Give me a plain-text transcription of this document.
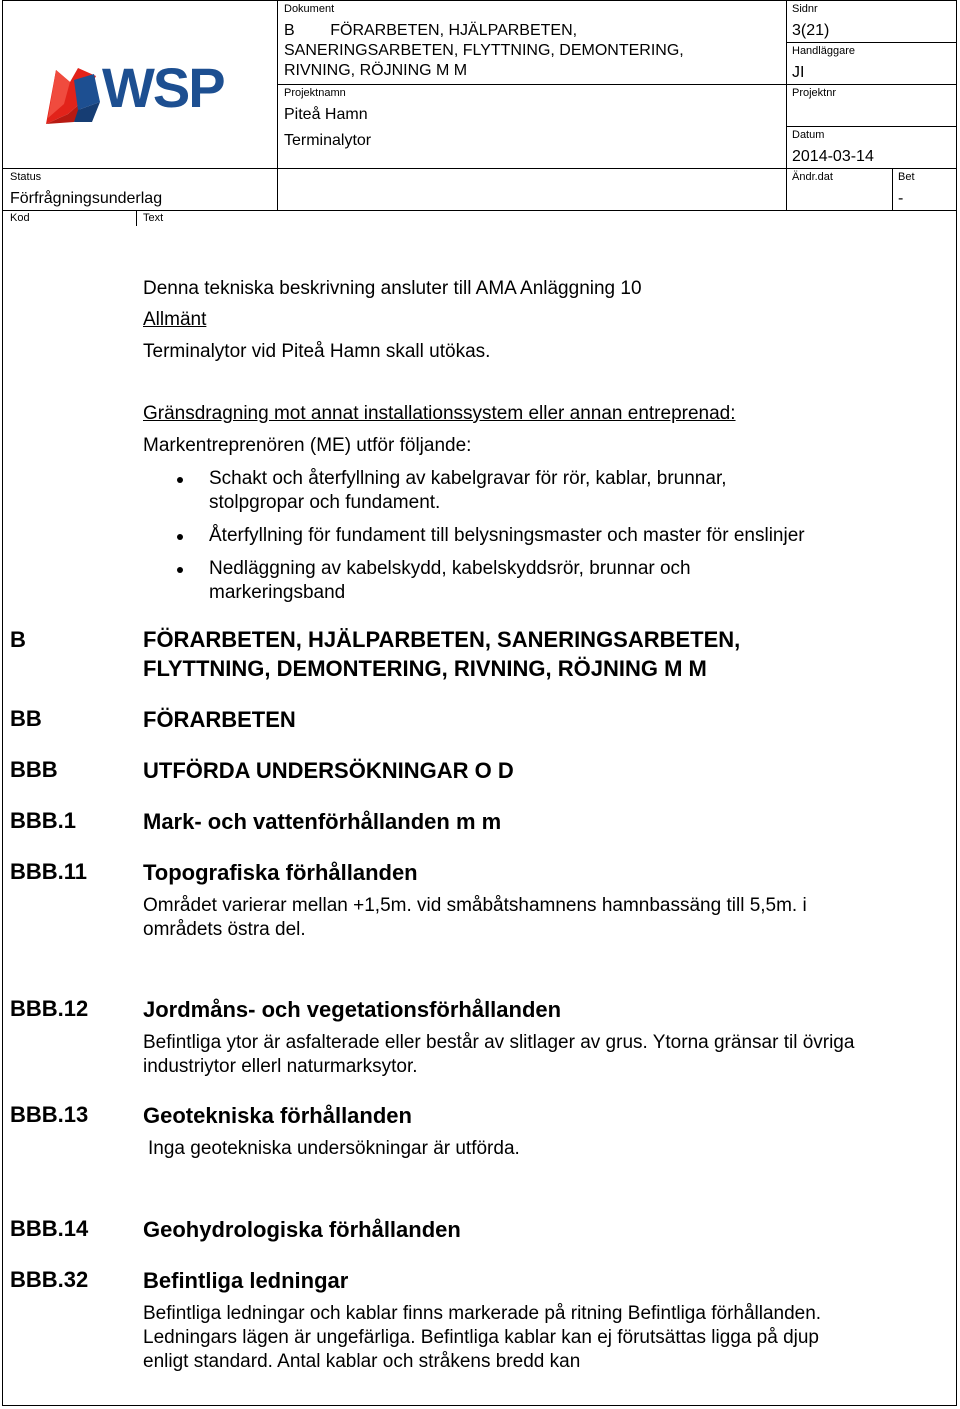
WSP
Dokument
B        FÖRARBETEN, HJÄLPARBETEN,
SANERINGSARBETEN, FLYTTNING, DEMONTERING,
RIVNING, RÖJNING M M
Sidnr
3(21)
Handläggare
JI
Projektnamn
Piteå Hamn
Terminalytor
Projektnr
Datum
2014-03-14
Status
Förfrågningsunderlag
Ändr.dat	Bet
-
Kod	Text
Denna tekniska beskrivning ansluter till AMA Anläggning 10
Allmänt
Terminalytor vid Piteå Hamn skall utökas.
Gränsdragning mot annat installationssystem eller annan entreprenad:
Markentreprenören (ME) utför följande:
Schakt och återfyllning av kabelgravar för rör, kablar, brunnar, stolpgropar och fundament.
Återfyllning för fundament till belysningsmaster och master för enslinjer
Nedläggning av kabelskydd, kabelskyddsrör, brunnar och markeringsband
B	FÖRARBETEN, HJÄLPARBETEN, SANERINGSARBETEN, FLYTTNING, DEMONTERING, RIVNING, RÖJNING M M
BB	FÖRARBETEN
BBB	UTFÖRDA UNDERSÖKNINGAR O D
BBB.1	Mark- och vattenförhållanden m m
BBB.11	Topografiska förhållanden
Området varierar mellan +1,5m. vid småbåtshamnens hamnbassäng till 5,5m. i områdets östra del.
BBB.12 Jordmåns- och vegetationsförhållanden
Befintliga ytor är asfalterade eller består av slitlager av grus. Ytorna gränsar til övriga industriytor ellerl naturmarksytor.
BBB.13 Geotekniska förhållanden
Inga geotekniska undersökningar är utförda.
BBB.14 Geohydrologiska förhållanden
BBB.32 Befintliga ledningar
Befintliga ledningar och kablar finns markerade på ritning Befintliga förhållanden. Ledningars lägen är ungefärliga. Befintliga kablar kan ej förutsättas ligga på djup enligt standard. Antal kablar och stråkens bredd kan
